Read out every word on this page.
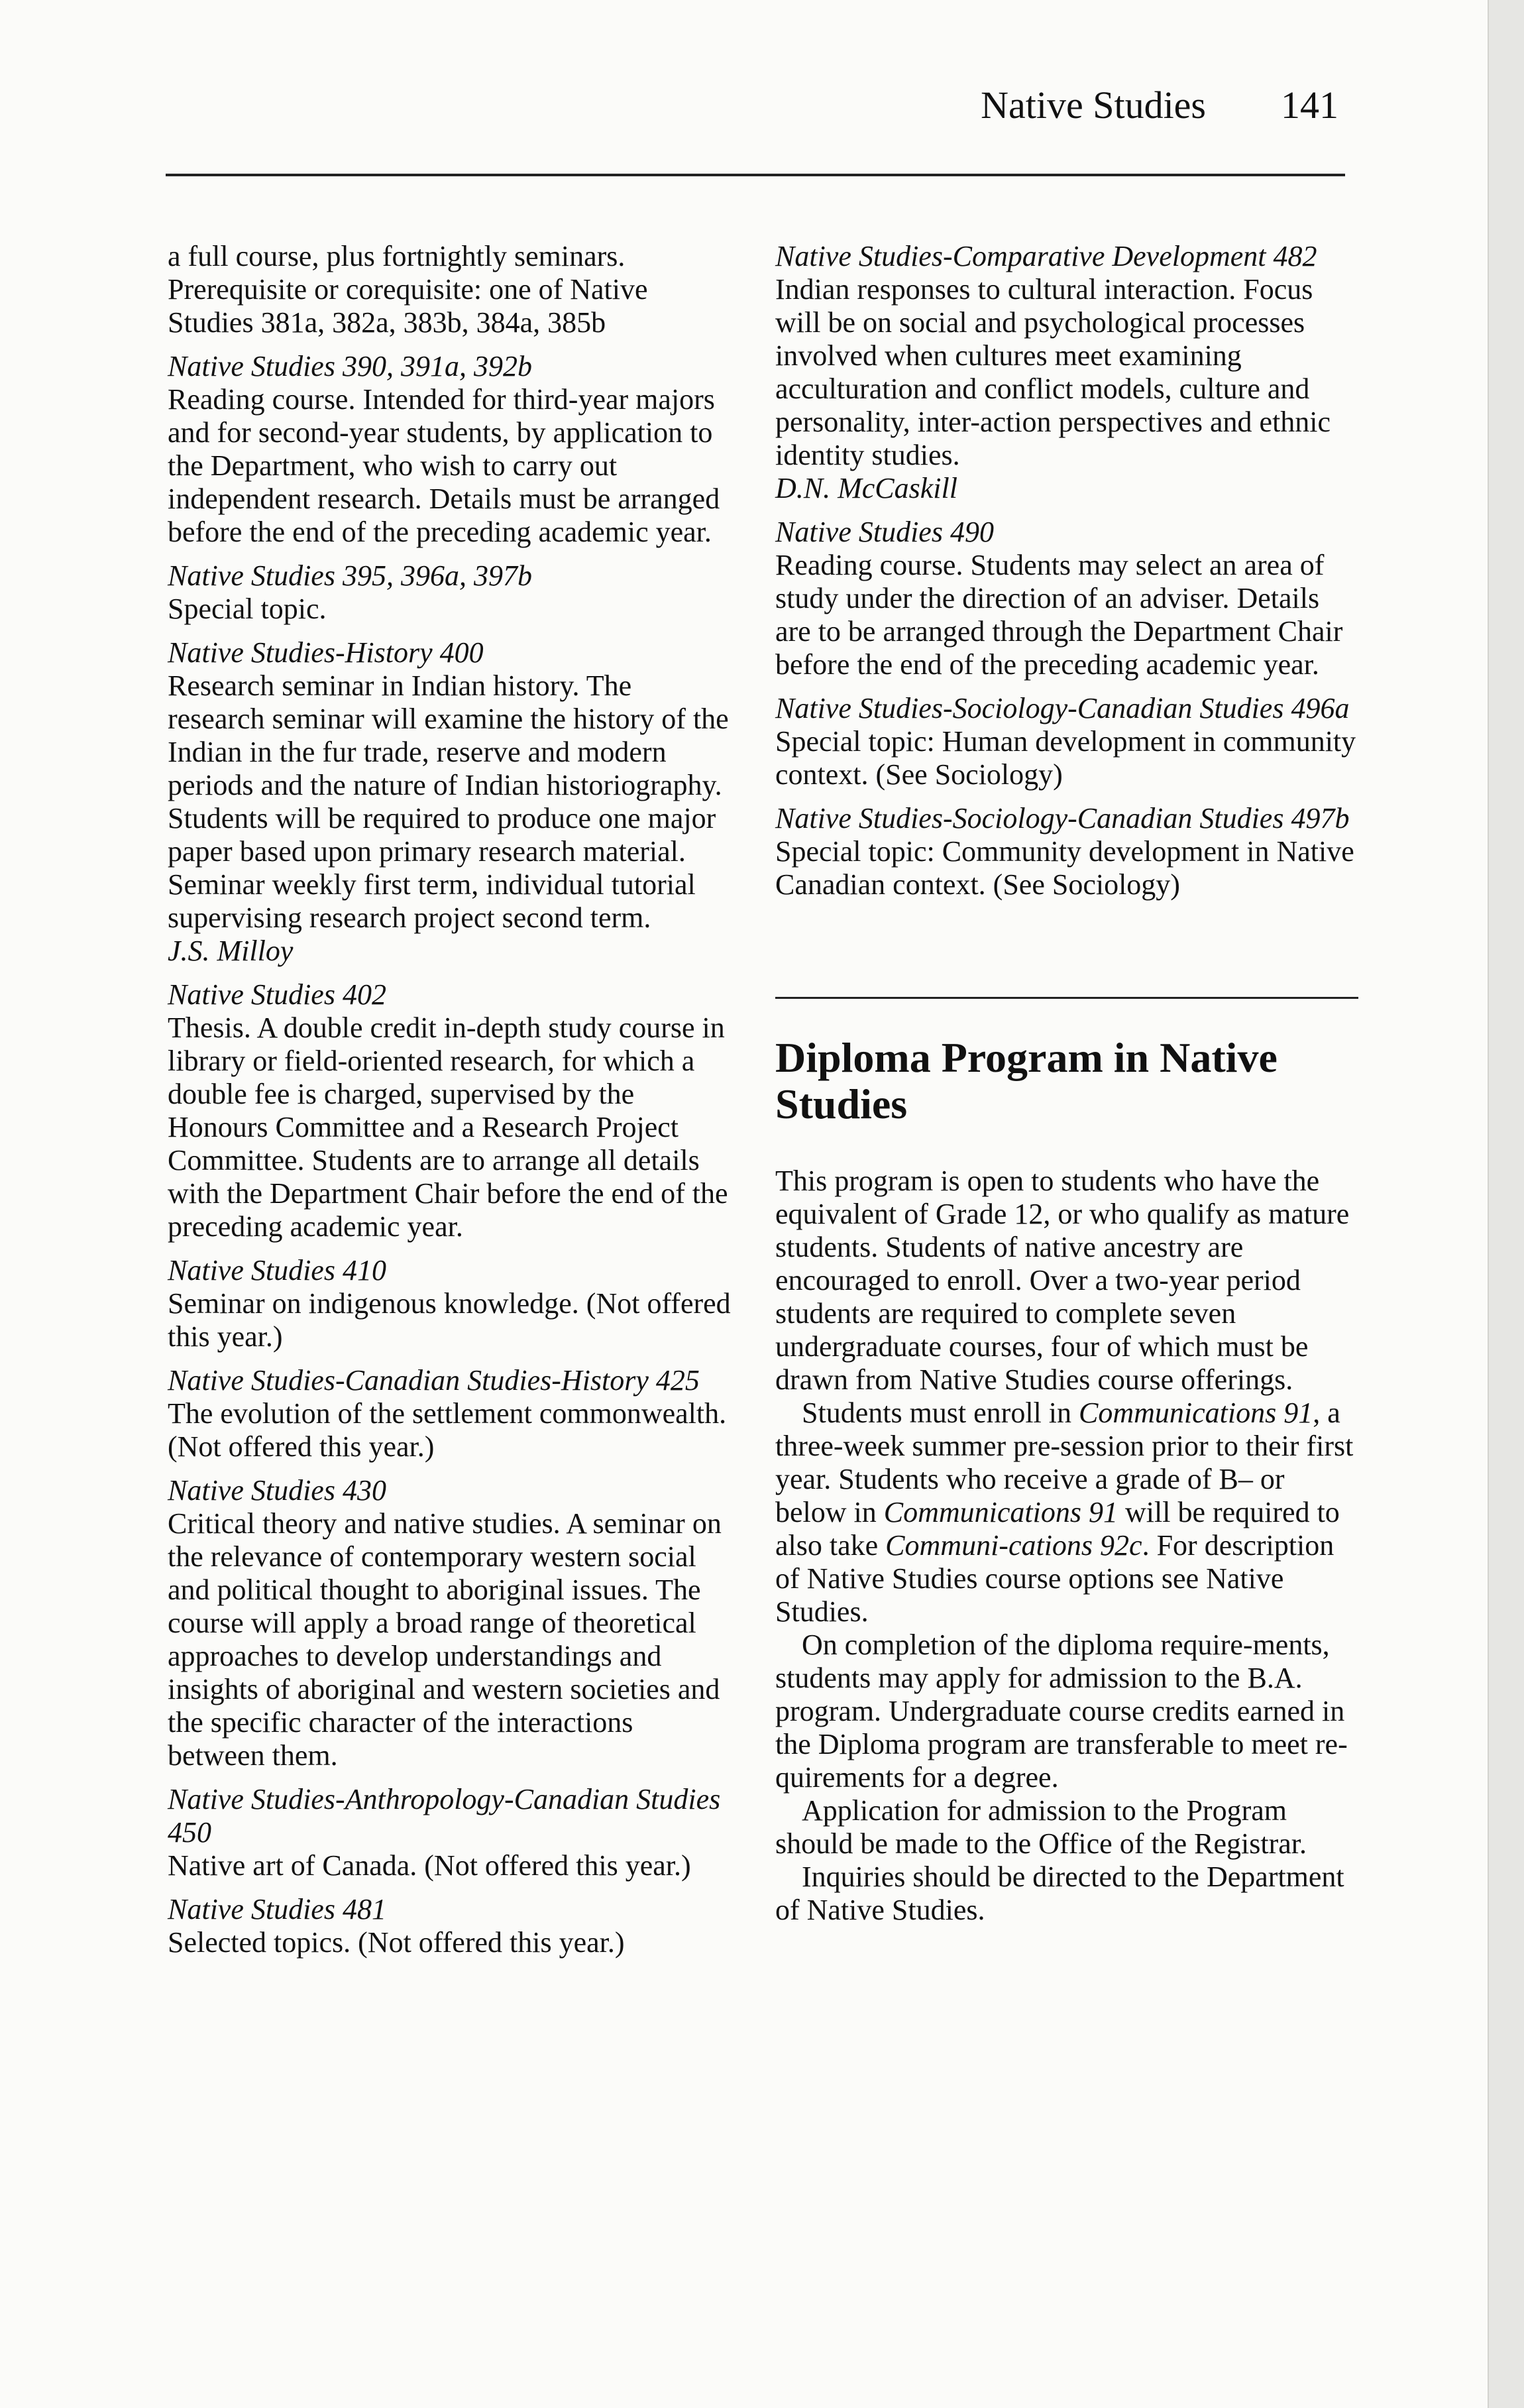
Native Studies 141
a full course, plus fortnightly seminars. Prerequisite or corequisite: one of Native Studies 381a, 382a, 383b, 384a, 385b
Native Studies 390, 391a, 392b
Reading course. Intended for third-year majors and for second-year students, by application to the Department, who wish to carry out independent research. Details must be arranged before the end of the preceding academic year.
Native Studies 395, 396a, 397b
Special topic.
Native Studies-History 400
Research seminar in Indian history. The research seminar will examine the history of the Indian in the fur trade, reserve and modern periods and the nature of Indian historiography. Students will be required to produce one major paper based upon primary research material. Seminar weekly first term, individual tutorial supervising research project second term.
J.S. Milloy
Native Studies 402
Thesis. A double credit in-depth study course in library or field-oriented research, for which a double fee is charged, supervised by the Honours Committee and a Research Project Committee. Students are to arrange all details with the Department Chair before the end of the preceding academic year.
Native Studies 410
Seminar on indigenous knowledge. (Not offered this year.)
Native Studies-Canadian Studies-History 425
The evolution of the settlement commonwealth. (Not offered this year.)
Native Studies 430
Critical theory and native studies. A seminar on the relevance of contemporary western social and political thought to aboriginal issues. The course will apply a broad range of theoretical approaches to develop understandings and insights of aboriginal and western societies and the specific character of the interactions between them.
Native Studies-Anthropology-Canadian Studies 450
Native art of Canada. (Not offered this year.)
Native Studies 481
Selected topics. (Not offered this year.)
Native Studies-Comparative Development 482
Indian responses to cultural interaction. Focus will be on social and psychological processes involved when cultures meet examining acculturation and conflict models, culture and personality, inter-action perspectives and ethnic identity studies.
D.N. McCaskill
Native Studies 490
Reading course. Students may select an area of study under the direction of an adviser. Details are to be arranged through the Department Chair before the end of the preceding academic year.
Native Studies-Sociology-Canadian Studies 496a
Special topic: Human development in community context. (See Sociology)
Native Studies-Sociology-Canadian Studies 497b
Special topic: Community development in Native Canadian context. (See Sociology)
Diploma Program in Native Studies

This program is open to students who have the equivalent of Grade 12, or who qualify as mature students. Students of native ancestry are encouraged to enroll. Over a two-year period students are required to complete seven undergraduate courses, four of which must be drawn from Native Studies course offerings.

Students must enroll in Communications 91, a three-week summer pre-session prior to their first year. Students who receive a grade of B– or below in Communications 91 will be required to also take Communi-cations 92c. For description of Native Studies course options see Native Studies.

On completion of the diploma require-ments, students may apply for admission to the B.A. program. Undergraduate course credits earned in the Diploma program are transferable to meet re-quirements for a degree.

Application for admission to the Program should be made to the Office of the Registrar.

Inquiries should be directed to the Department of Native Studies.
